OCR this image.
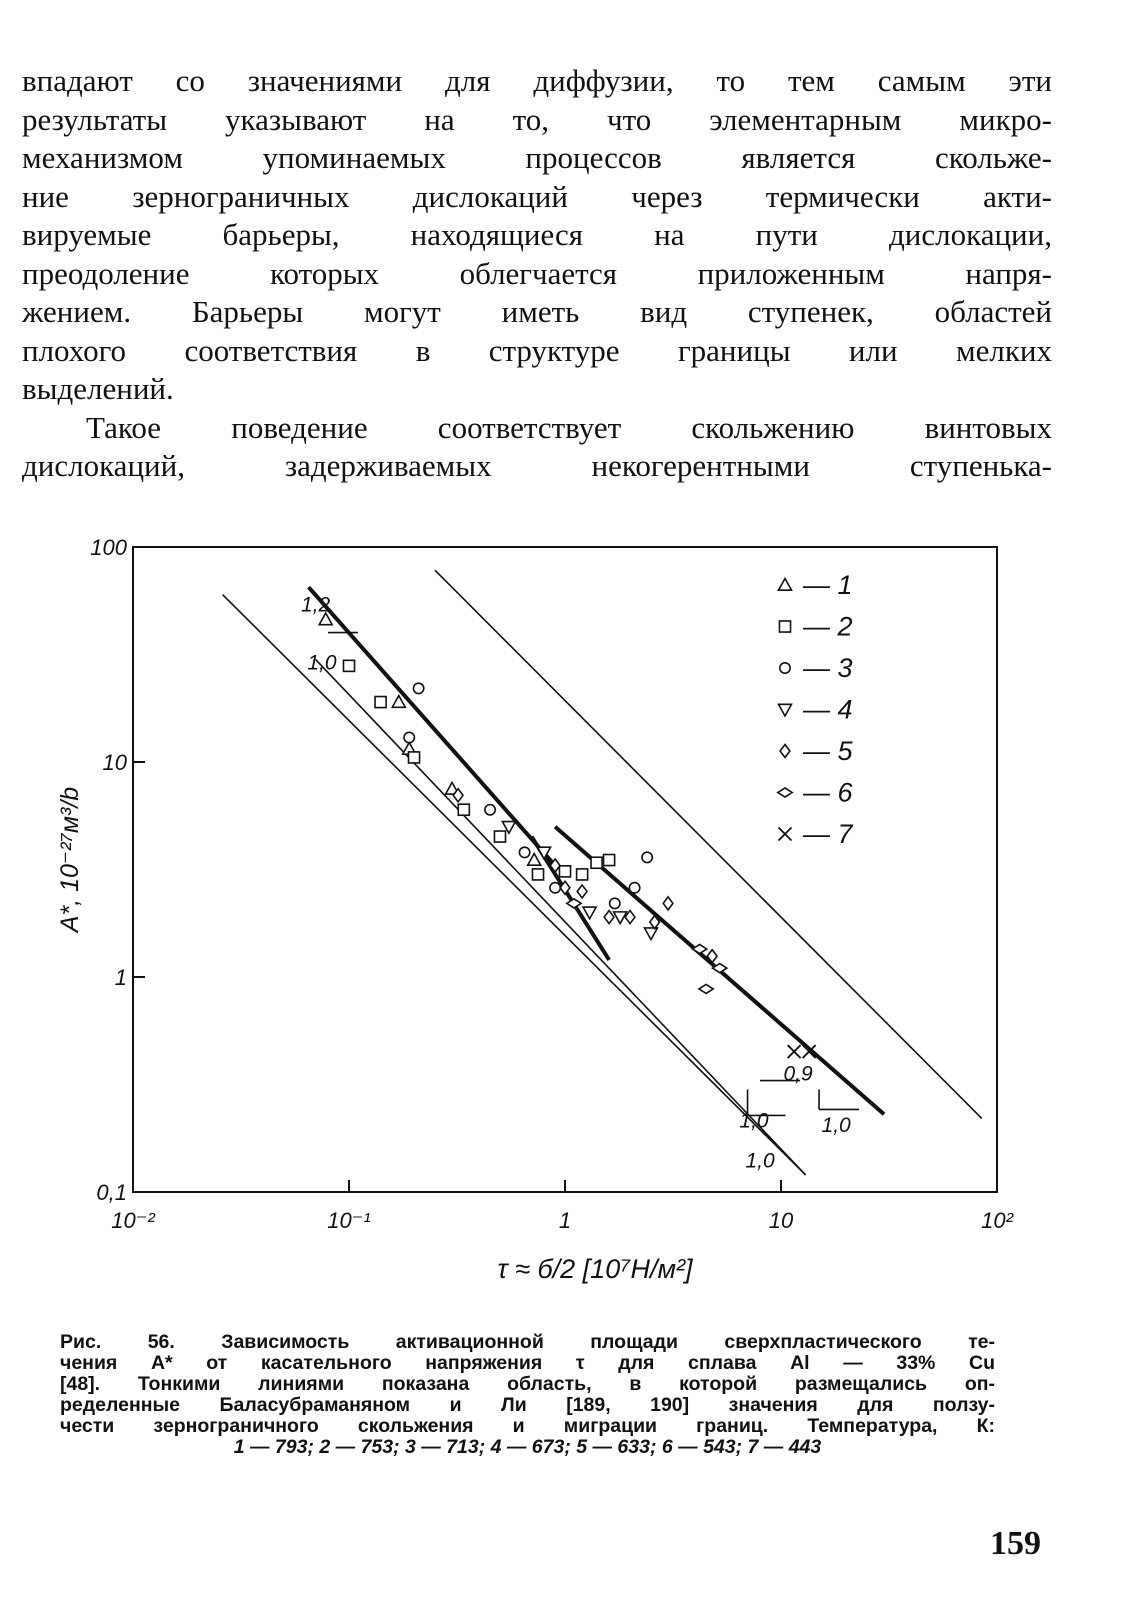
впадают со значениями для диффузии, то тем самым эти
результаты указывают на то, что элементарным микро-
механизмом упоминаемых процессов является скольже-
ние зернограничных дислокаций через термически акти-
вируемые барьеры, находящиеся на пути дислокации,
преодоление которых облегчается приложенным напря-
жением. Барьеры могут иметь вид ступенек, областей
плохого соответствия в структуре границы или мелких
выделений.
Такое поведение соответствует скольжению винтовых
дислокаций, задерживаемых некогерентными ступенька-
10⁻²	10⁻¹	1	10	10²
0,1
1
10
100
— 1
— 2
— 3
— 4
— 5
— 6
— 7
τ ≈ б/2 [10⁷Н/м²]
A*, 10⁻²⁷м³/b
1,2
1,0
0,9
1,0
1,0
1,0
Рис. 56. Зависимость активационной площади сверхпластического те-
чения A* от касательного напряжения τ для сплава Al — 33% Cu
[48]. Тонкими линиями показана область, в которой размещались оп-
ределенные Баласубраманяном и Ли [189, 190] значения для ползу-
чести зернограничного скольжения и миграции границ. Температура, К:
1 — 793; 2 — 753; 3 — 713; 4 — 673; 5 — 633; 6 — 543; 7 — 443
159
